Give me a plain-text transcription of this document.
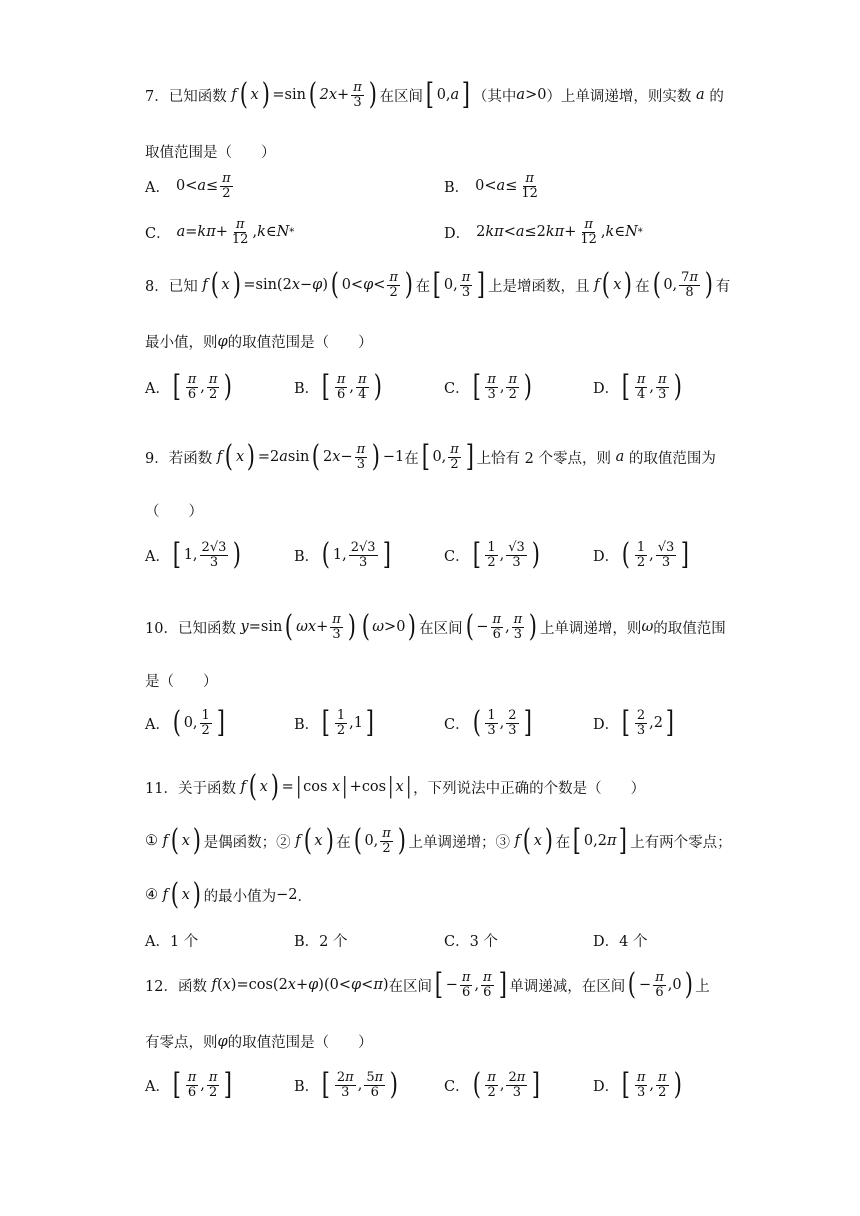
7．已知函数 f ( x ) = sin ( $2x + \frac{\pi}{3}$ ) 在区间 [ 0, a ] （其中 a >0 ）上单调递增，则实数 a 的
取值范围是（　　）
A． $0< a \le \frac{\pi}{2}$	B． $0< a \le \frac{\pi}{12}$
C． $a = k\pi + \frac{\pi}{12}$ , k ∈ N *	D． 2 kπ < a ≤2 $k\pi + \frac{\pi}{12}$ , k ∈ N *
8．已知 f ( x ) = sin (2 x − φ ) ( $0< \varphi < \frac{\pi}{2}$ ) 在 [ 0, $\frac{\pi}{3}$ ] 上是增函数，且 f ( x ) 在 ( 0, $\frac{7\pi}{8}$ ) 有
最小值，则 φ 的取值范围是（　　）
A． [ $\frac{\pi}{6}$ , $\frac{\pi}{2}$ )	B． [ $\frac{\pi}{6}$ , $\frac{\pi}{4}$ )	C． [ $\frac{\pi}{3}$ , $\frac{\pi}{2}$ )	D． [ $\frac{\pi}{4}$ , $\frac{\pi}{3}$ )
9．若函数 f ( x ) =2 a sin ( 2 $x - \frac{\pi}{3}$ ) −1 在 [ 0, $\frac{\pi}{2}$ ] 上恰有 2 个零点，则 a 的取值范围为
（　　）
A． [ 1, $\frac{2√3}{3}$ )	B． ( 1, $\frac{2√3}{3}$ ]	C． [ $\frac{1}{2}$ , $\frac{√3}{3}$ )	D． ( $\frac{1}{2}$ , $\frac{√3}{3}$ ]
10．已知函数 y = sin ( $\omega x + \frac{\pi}{3}$ ) ( ω >0 ) 在区间 ( − $\frac{\pi}{6}$ , $\frac{\pi}{3}$ ) 上单调递增，则 ω 的取值范围
是（　　）
A． ( 0, $\frac{1}{2}$ ]	B． [ $\frac{1}{2} ,1$ ]	C． ( $\frac{1}{3}$ , $\frac{2}{3}$ ]	D． [ $\frac{2}{3} ,2$ ]
11．关于函数 f ( x ) = | cos
x | + cos | x | ，下列说法中正确的个数是（　　）
① f ( x ) 是偶函数；② f ( x ) 在 ( 0, $\frac{\pi}{2}$ ) 上单调递增；③ f ( x ) 在 [ 0,2 π ] 上有两个零点；
④ f ( x ) 的最小值为 −2 ．
A．1 个	B．2 个	C．3 个	D．4 个
12．函数 f ( x )= cos (2 x + φ )(0< φ < π ) 在区间 [ − $\frac{\pi}{6}$ , $\frac{\pi}{6}$ ] 单调递减，在区间 ( − $\frac{\pi}{6} ,0$ ) 上
有零点，则 φ 的取值范围是（　　）
A． [ $\frac{\pi}{6}$ , $\frac{\pi}{2}$ ]	B． [ $\frac{2\pi}{3}$ , $\frac{5\pi}{6}$ )	C． ( $\frac{\pi}{2}$ , $\frac{2\pi}{3}$ ]	D． [ $\frac{\pi}{3}$ , $\frac{\pi}{2}$ )
